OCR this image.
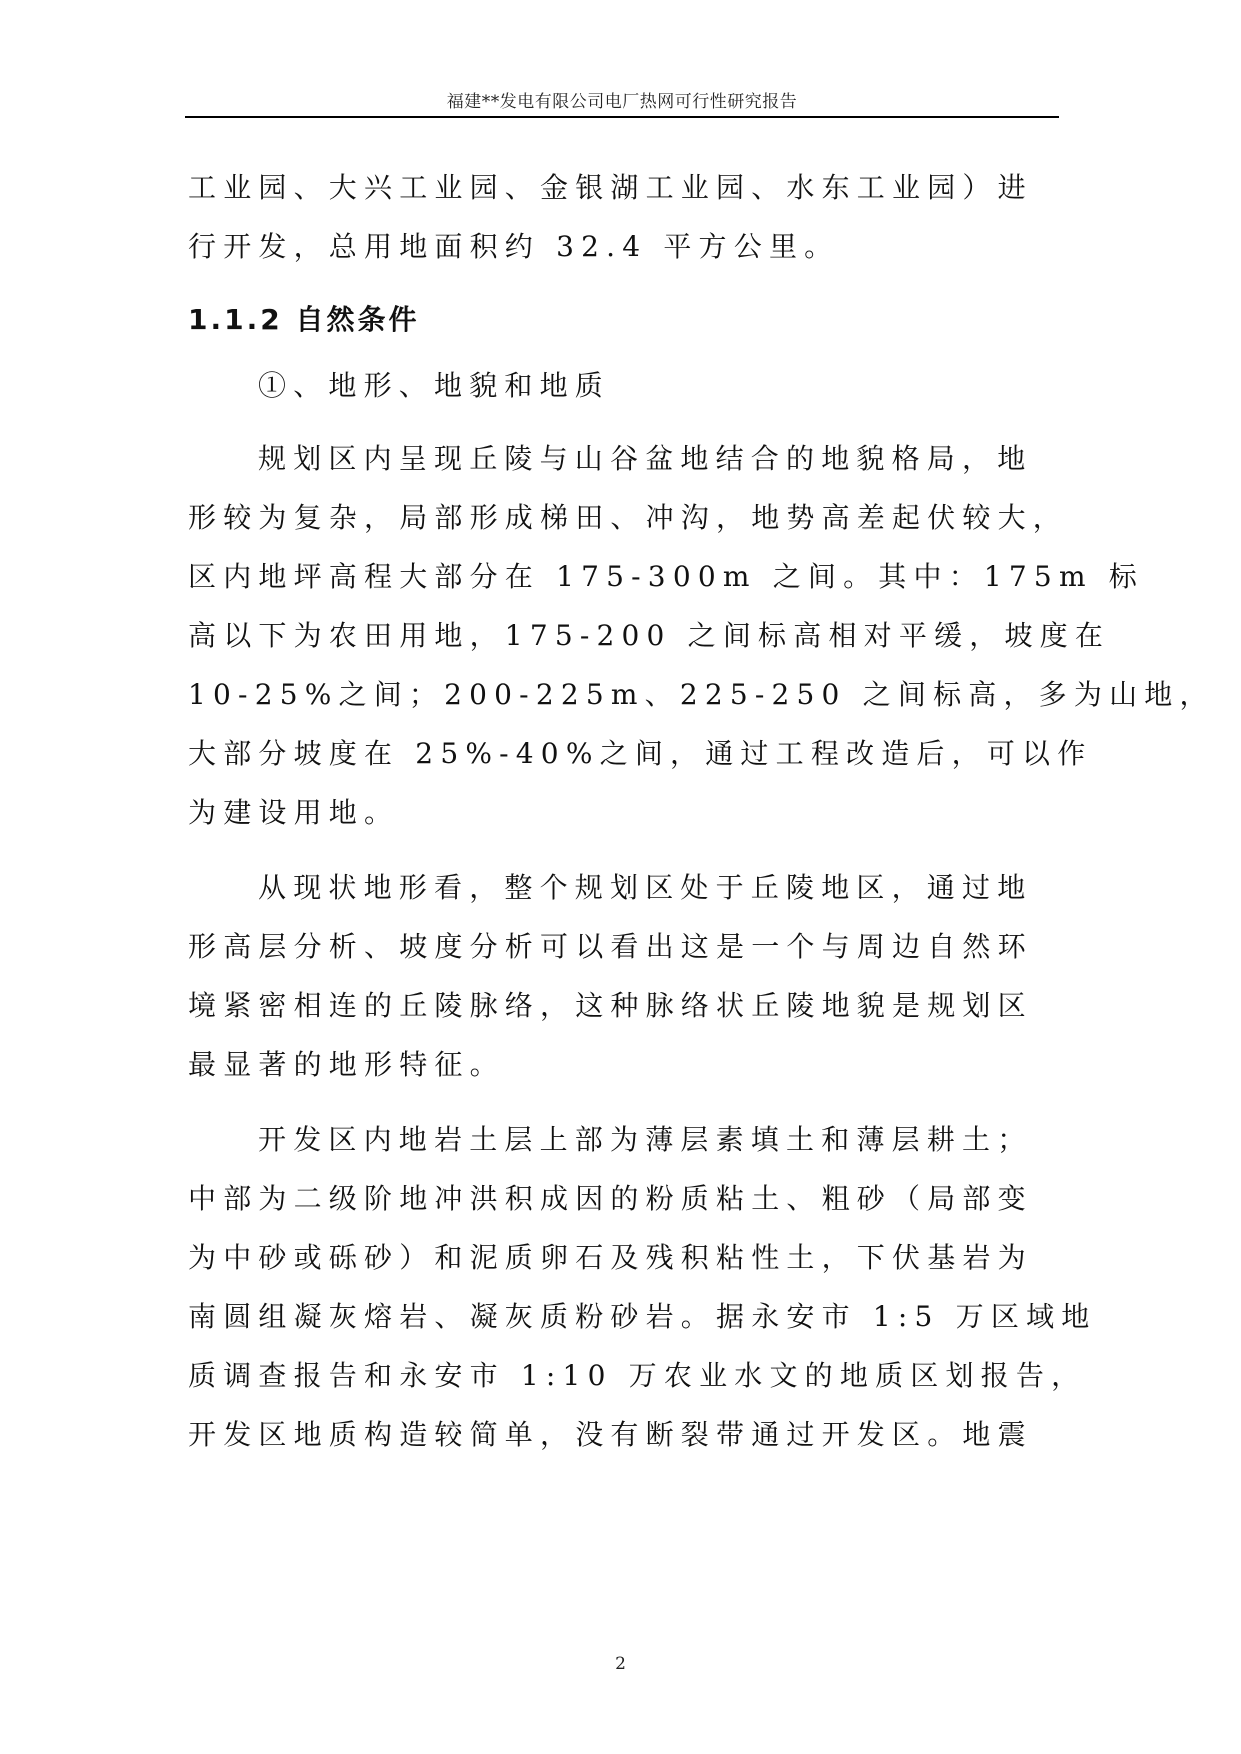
福建**发电有限公司电厂热网可行性研究报告
工业园、大兴工业园、金银湖工业园、水东工业园）进
行开发，总用地面积约 32.4 平方公里。
1.1.2 自然条件
①、地形、地貌和地质
规划区内呈现丘陵与山谷盆地结合的地貌格局，地
形较为复杂，局部形成梯田、冲沟，地势高差起伏较大，
区内地坪高程大部分在 175-300m 之间。其中：175m 标
高以下为农田用地，175-200 之间标高相对平缓，坡度在
10-25%之间；200-225m、225-250 之间标高，多为山地，
大部分坡度在 25%-40%之间，通过工程改造后，可以作
为建设用地。
从现状地形看，整个规划区处于丘陵地区，通过地
形高层分析、坡度分析可以看出这是一个与周边自然环
境紧密相连的丘陵脉络，这种脉络状丘陵地貌是规划区
最显著的地形特征。
开发区内地岩土层上部为薄层素填土和薄层耕土；
中部为二级阶地冲洪积成因的粉质粘土、粗砂（局部变
为中砂或砾砂）和泥质卵石及残积粘性土，下伏基岩为
南圆组凝灰熔岩、凝灰质粉砂岩。据永安市 1:5 万区域地
质调查报告和永安市 1:10 万农业水文的地质区划报告，
开发区地质构造较简单，没有断裂带通过开发区。地震
2
